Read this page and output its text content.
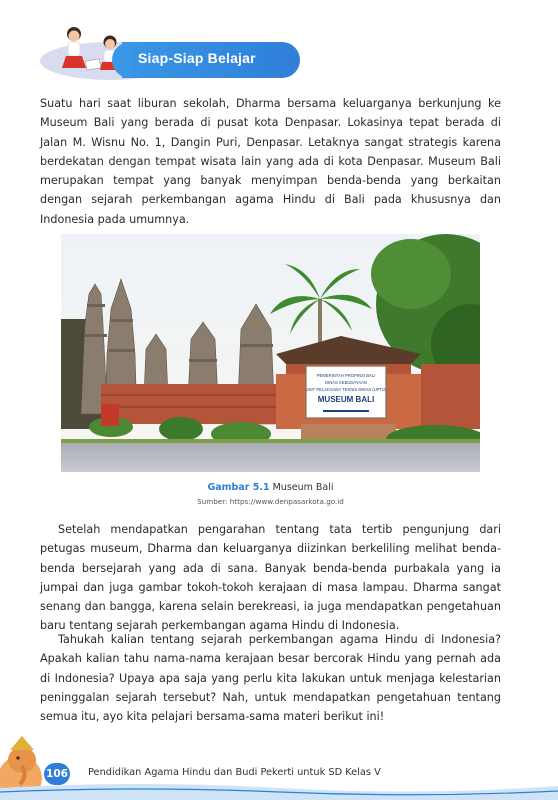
Siap-Siap Belajar

Suatu hari saat liburan sekolah, Dharma bersama keluarganya berkunjung ke Museum Bali yang berada di pusat kota Denpasar. Lokasinya tepat berada di Jalan M. Wisnu No. 1, Dangin Puri, Denpasar. Letaknya sangat strategis karena berdekatan dengan tempat wisata lain yang ada di kota Denpasar. Museum Bali merupakan tempat yang banyak menyimpan benda-benda yang berkaitan dengan sejarah perkembangan agama Hindu di Bali pada khususnya dan Indonesia pada umumnya.

PEMERINTAH PROPINSI BALI
DINAS KEBUDAYAAN
UNIT PELAKSANA TEKNIS DINAS (UPTD)
MUSEUM BALI
Gambar 5.1 Museum Bali
Sumber: https://www.denpasarkota.go.id

Setelah mendapatkan pengarahan tentang tata tertib pengunjung dari petugas museum, Dharma dan keluarganya diizinkan berkeliling melihat benda-benda bersejarah yang ada di sana. Banyak benda-benda purbakala yang ia jumpai dan juga gambar tokoh-tokoh kerajaan di masa lampau. Dharma sangat senang dan bangga, karena selain berekreasi, ia juga mendapatkan pengetahuan baru tentang sejarah perkembangan agama Hindu di Indonesia.

Tahukah kalian tentang sejarah perkembangan agama Hindu di Indonesia? Apakah kalian tahu nama-nama kerajaan besar bercorak Hindu yang pernah ada di Indonesia? Upaya apa saja yang perlu kita lakukan untuk menjaga kelestarian peninggalan sejarah tersebut? Nah, untuk mendapatkan pengetahuan tentang semua itu, ayo kita pelajari bersama-sama materi berikut ini!

106 Pendidikan Agama Hindu dan Budi Pekerti untuk SD Kelas V
